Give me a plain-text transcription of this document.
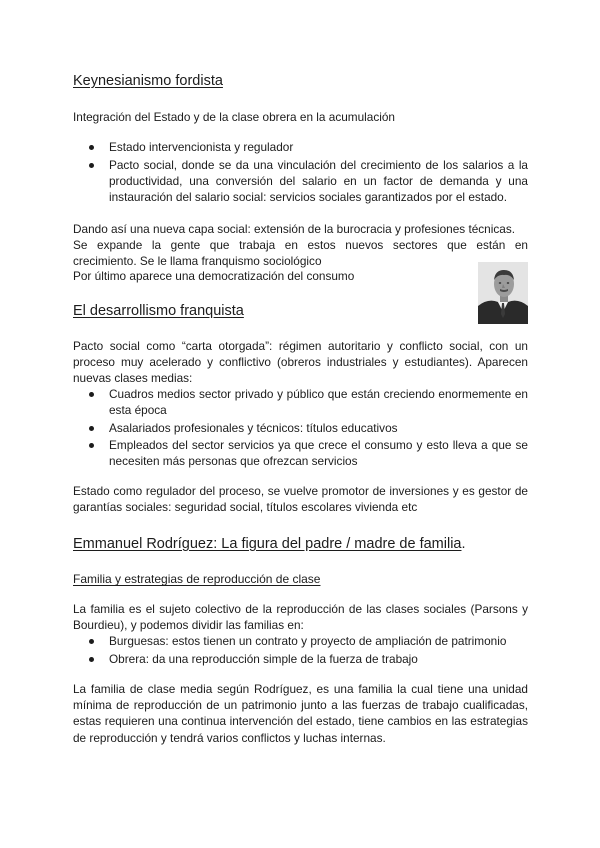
Keynesianismo fordista

Integración del Estado y de la clase obrera en la acumulación

Estado intervencionista y regulador
Pacto social, donde se da una vinculación del crecimiento de los salarios a la productividad, una conversión del salario en un factor de demanda y una instauración del salario social: servicios sociales garantizados por el estado.

Dando así una nueva capa social: extensión de la burocracia y profesiones técnicas.

Se expande la gente que trabaja en estos nuevos sectores que están en

crecimiento. Se le llama franquismo sociológico
Por último aparece una democratización del consumo
El desarrollismo franquista

Pacto social como “carta otorgada”: régimen autoritario y conflicto social, con un proceso muy acelerado y conflictivo (obreros industriales y estudiantes). Aparecen nuevas clases medias:

Cuadros medios sector privado y público que están creciendo enormemente en esta época
Asalariados profesionales y técnicos: títulos educativos
Empleados del sector servicios ya que crece el consumo y esto lleva a que se necesiten más personas que ofrezcan servicios

Estado como regulador del proceso, se vuelve promotor de inversiones y es gestor de garantías sociales: seguridad social, títulos escolares vivienda etc

Emmanuel Rodríguez: La figura del padre / madre de familia.
Familia y estrategias de reproducción de clase

La familia es el sujeto colectivo de la reproducción de las clases sociales (Parsons y Bourdieu), y podemos dividir las familias en:

Burguesas: estos tienen un contrato y proyecto de ampliación de patrimonio
Obrera: da una reproducción simple de la fuerza de trabajo

La familia de clase media según Rodríguez, es una familia la cual tiene una unidad mínima de reproducción de un patrimonio junto a las fuerzas de trabajo cualificadas, estas requieren una continua intervención del estado, tiene cambios en las estrategias de reproducción y tendrá varios conflictos y luchas internas.
